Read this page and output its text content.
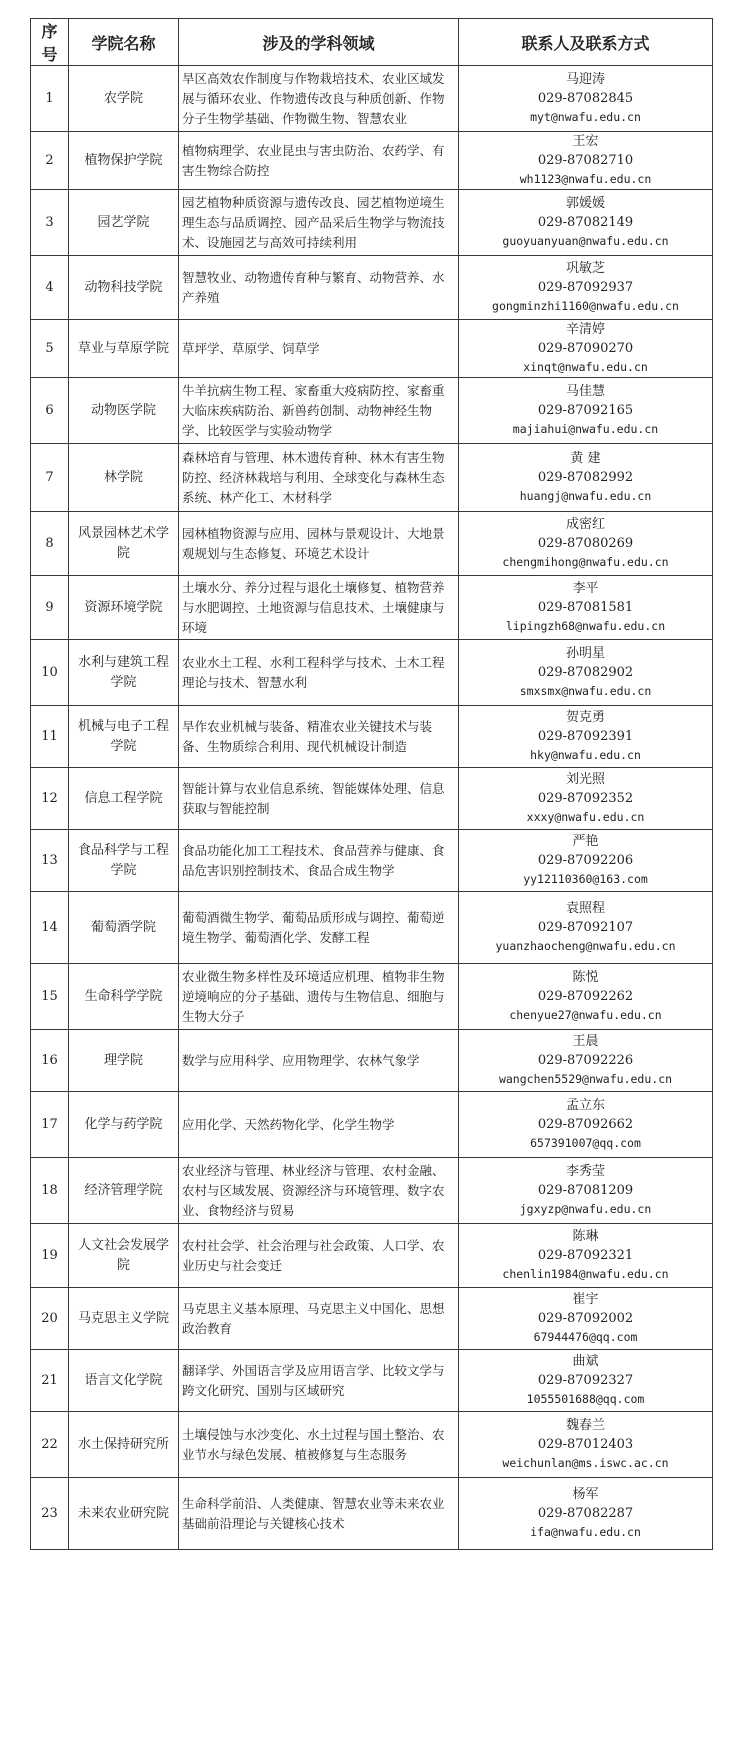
序号	学院名称	涉及的学科领域	联系人及联系方式
1	农学院	旱区高效农作制度与作物栽培技术、农业区域发展与循环农业、作物遗传改良与种质创新、作物分子生物学基础、作物微生物、智慧农业	马迎涛
029-87082845
myt@nwafu.edu.cn

2	植物保护学院	植物病理学、农业昆虫与害虫防治、农药学、有害生物综合防控	王宏
029-87082710
wh1123@nwafu.edu.cn

3	园艺学院	园艺植物种质资源与遗传改良、园艺植物逆境生理生态与品质调控、园产品采后生物学与物流技术、设施园艺与高效可持续利用	郭媛媛
029-87082149
guoyuanyuan@nwafu.edu.cn

4	动物科技学院	智慧牧业、动物遗传育种与繁育、动物营养、水产养殖	巩敏芝
029-87092937
gongminzhi1160@nwafu.edu.cn

5	草业与草原学院	草坪学、草原学、饲草学	辛清婷
029-87090270
xinqt@nwafu.edu.cn

6	动物医学院	牛羊抗病生物工程、家畜重大疫病防控、家畜重大临床疾病防治、新兽药创制、动物神经生物学、比较医学与实验动物学	马佳慧
029-87092165
majiahui@nwafu.edu.cn

7	林学院	森林培育与管理、林木遗传育种、林木有害生物防控、经济林栽培与利用、全球变化与森林生态系统、林产化工、木材科学	黄 建
029-87082992
huangj@nwafu.edu.cn

8	风景园林艺术学院	园林植物资源与应用、园林与景观设计、大地景观规划与生态修复、环境艺术设计	成密红
029-87080269
chengmihong@nwafu.edu.cn

9	资源环境学院	土壤水分、养分过程与退化土壤修复、植物营养与水肥调控、土地资源与信息技术、土壤健康与环境	李平
029-87081581
lipingzh68@nwafu.edu.cn

10	水利与建筑工程学院	农业水土工程、水利工程科学与技术、土木工程理论与技术、智慧水利	孙明星
029-87082902
smxsmx@nwafu.edu.cn

11	机械与电子工程学院	旱作农业机械与装备、精准农业关键技术与装备、生物质综合利用、现代机械设计制造	贺克勇
029-87092391
hky@nwafu.edu.cn

12	信息工程学院	智能计算与农业信息系统、智能媒体处理、信息获取与智能控制	刘光照
029-87092352
xxxy@nwafu.edu.cn

13	食品科学与工程学院	食品功能化加工工程技术、食品营养与健康、食品危害识别控制技术、食品合成生物学	严艳
029-87092206
yy12110360@163.com

14	葡萄酒学院	葡萄酒微生物学、葡萄品质形成与调控、葡萄逆境生物学、葡萄酒化学、发酵工程	袁照程
029-87092107
yuanzhaocheng@nwafu.edu.cn

15	生命科学学院	农业微生物多样性及环境适应机理、植物非生物逆境响应的分子基础、遗传与生物信息、细胞与生物大分子	陈悦
029-87092262
chenyue27@nwafu.edu.cn

16	理学院	数学与应用科学、应用物理学、农林气象学	王晨
029-87092226
wangchen5529@nwafu.edu.cn

17	化学与药学院	应用化学、天然药物化学、化学生物学	孟立东
029-87092662
657391007@qq.com

18	经济管理学院	农业经济与管理、林业经济与管理、农村金融、农村与区域发展、资源经济与环境管理、数字农业、食物经济与贸易	李秀莹
029-87081209
jgxyzp@nwafu.edu.cn

19	人文社会发展学院	农村社会学、社会治理与社会政策、人口学、农业历史与社会变迁	陈琳
029-87092321
chenlin1984@nwafu.edu.cn

20	马克思主义学院	马克思主义基本原理、马克思主义中国化、思想政治教育	崔宇
029-87092002
67944476@qq.com

21	语言文化学院	翻译学、外国语言学及应用语言学、比较文学与跨文化研究、国别与区域研究	曲斌
029-87092327
1055501688@qq.com

22	水土保持研究所	土壤侵蚀与水沙变化、水土过程与国土整治、农业节水与绿色发展、植被修复与生态服务	魏春兰
029-87012403
weichunlan@ms.iswc.ac.cn

23	未来农业研究院	生命科学前沿、人类健康、智慧农业等未来农业基础前沿理论与关键核心技术	杨军
029-87082287
ifa@nwafu.edu.cn
